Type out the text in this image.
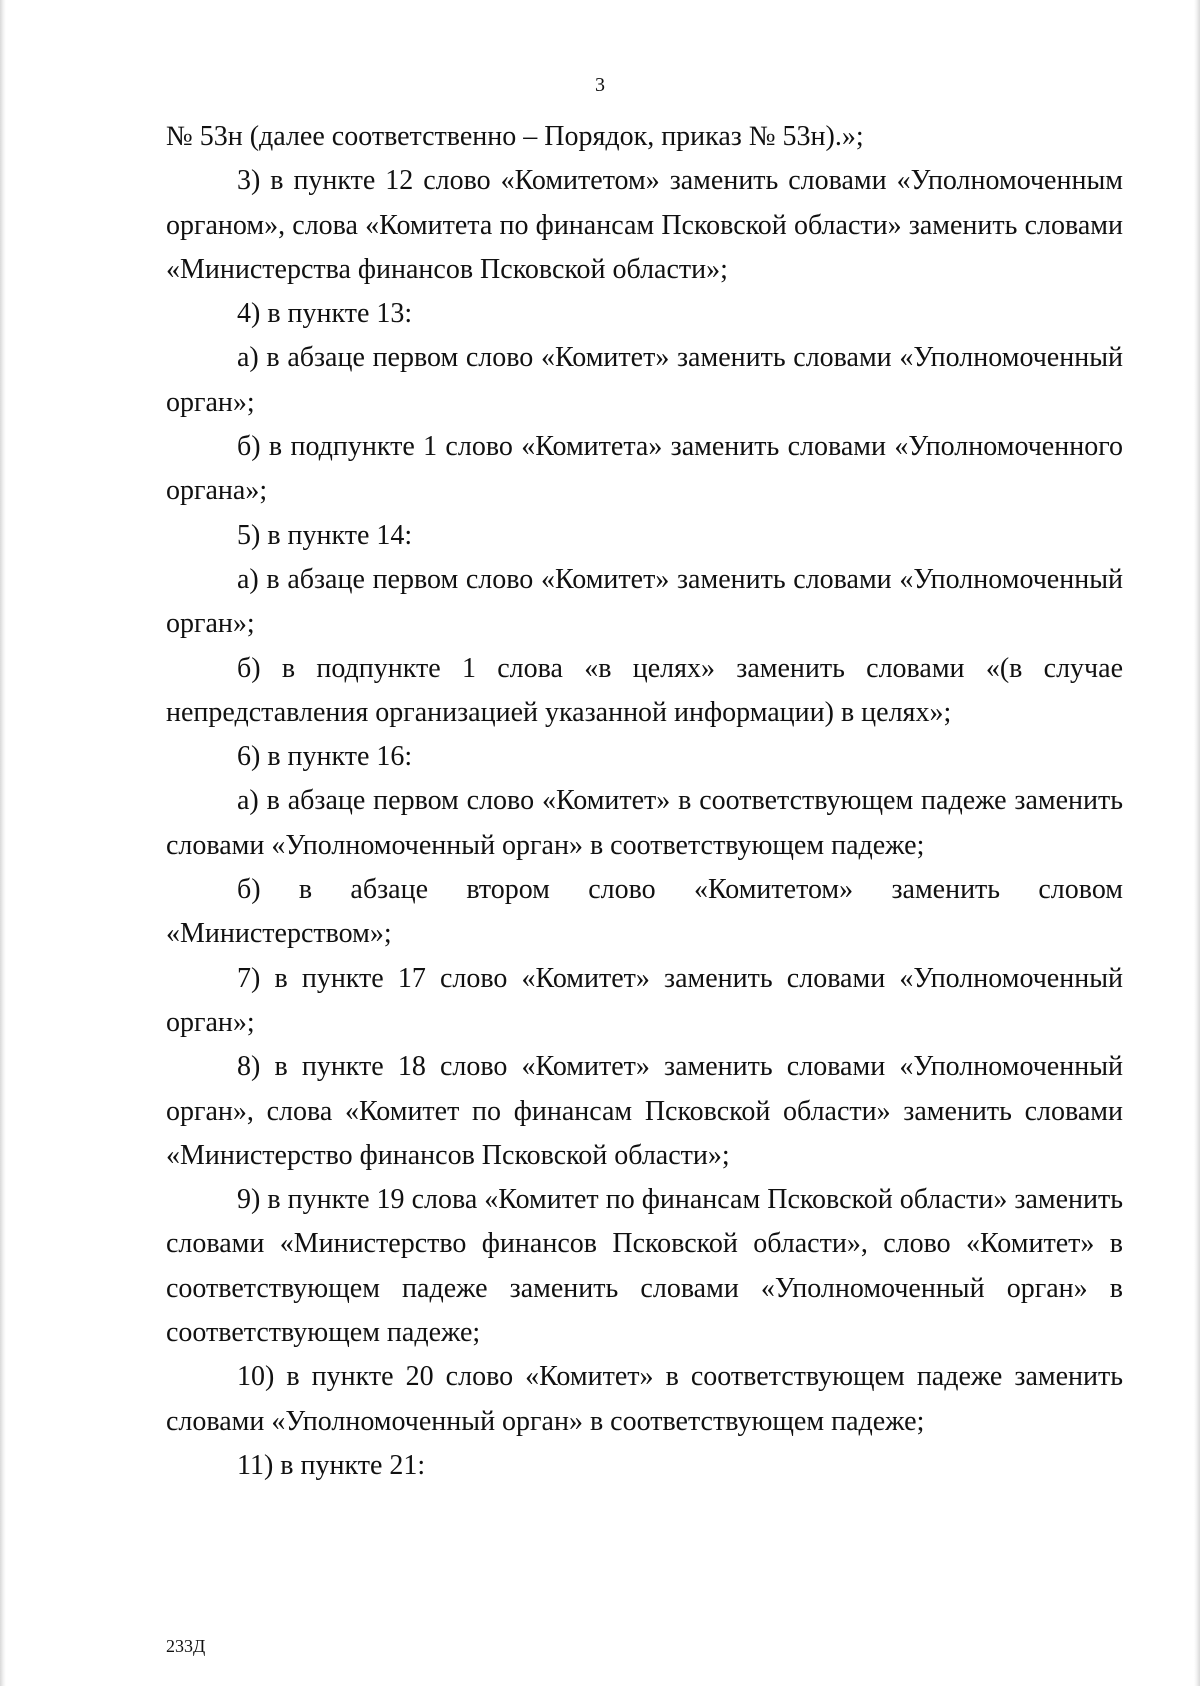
3

№ 53н (далее соответственно – Порядок, приказ № 53н).»;

3) в пункте 12 слово «Комитетом» заменить словами «Уполномоченным органом», слова «Комитета по финансам Псковской области» заменить словами «Министерства финансов Псковской области»;

4) в пункте 13:

а) в абзаце первом слово «Комитет» заменить словами «Уполномоченный орган»;

б) в подпункте 1 слово «Комитета» заменить словами «Уполномоченного органа»;

5) в пункте 14:

а) в абзаце первом слово «Комитет» заменить словами «Уполномоченный орган»;

б) в подпункте 1 слова «в целях» заменить словами «(в случае непредставления организацией указанной информации) в целях»;

6) в пункте 16:

а) в абзаце первом слово «Комитет» в соответствующем падеже заменить словами «Уполномоченный орган» в соответствующем падеже;

б) в абзаце втором слово «Комитетом» заменить словом «Министерством»;

7) в пункте 17 слово «Комитет» заменить словами «Уполномоченный орган»;

8) в пункте 18 слово «Комитет» заменить словами «Уполномоченный орган», слова «Комитет по финансам Псковской области» заменить словами «Министерство финансов Псковской области»;

9) в пункте 19 слова «Комитет по финансам Псковской области» заменить словами «Министерство финансов Псковской области», слово «Комитет» в соответствующем падеже заменить словами «Уполномоченный орган» в соответствующем падеже;

10) в пункте 20 слово «Комитет» в соответствующем падеже заменить словами «Уполномоченный орган» в соответствующем падеже;

11) в пункте 21:

233Д
